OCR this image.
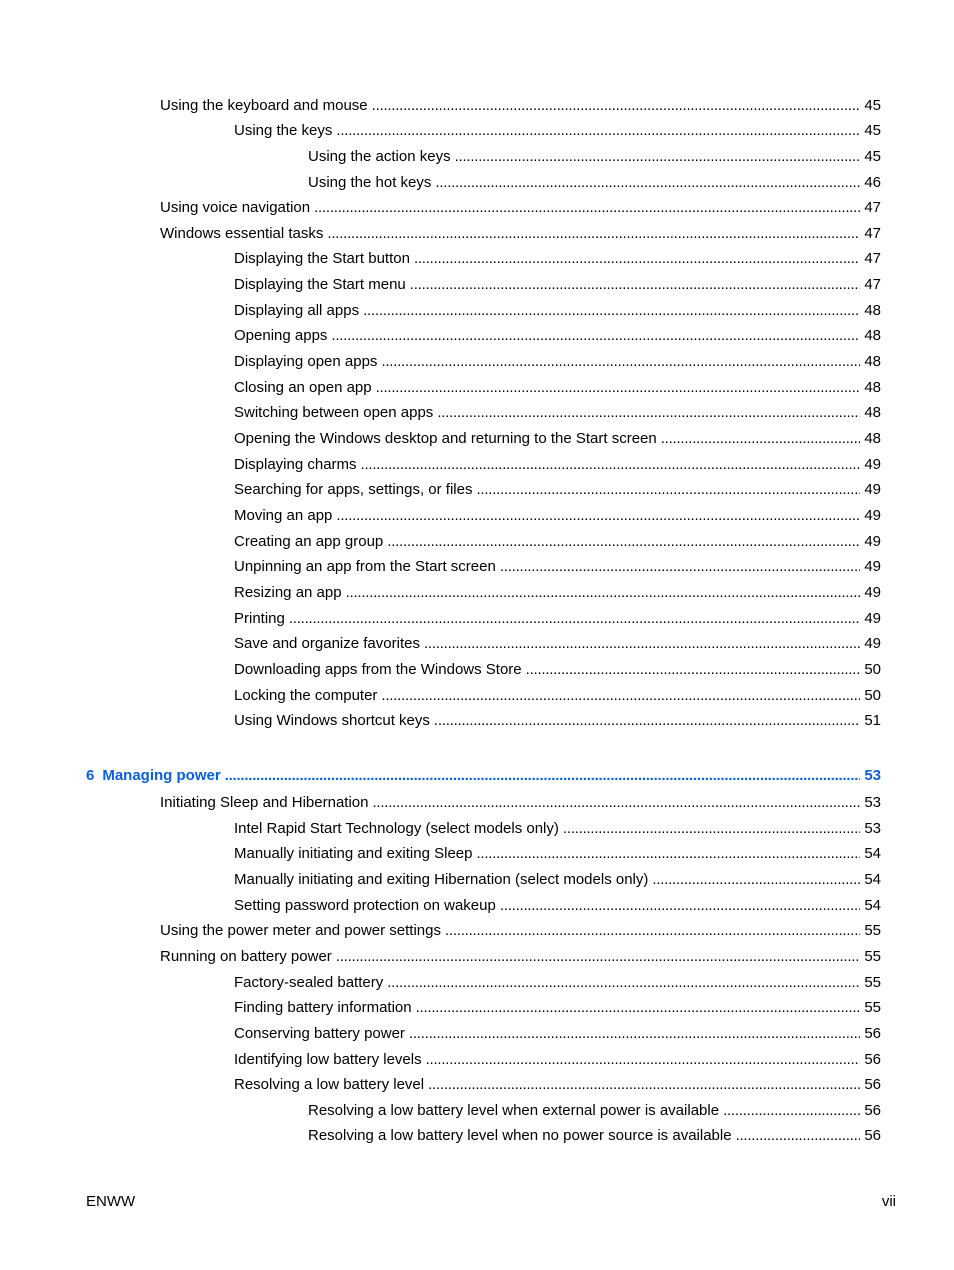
Using the keyboard and mouse . . .	45
Using the keys . . .	45
Using the action keys . . .	45
Using the hot keys . . .	46
Using voice navigation . . .	47
Windows essential tasks . . .	47
Displaying the Start button . . .	47
Displaying the Start menu . . .	47
Displaying all apps . . .	48
Opening apps . . .	48
Displaying open apps . . .	48
Closing an open app . . .	48
Switching between open apps . . .	48
Opening the Windows desktop and returning to the Start screen . . .	48
Displaying charms . . .	49
Searching for apps, settings, or files . . .	49
Moving an app . . .	49
Creating an app group . . .	49
Unpinning an app from the Start screen . . .	49
Resizing an app . . .	49
Printing . . .	49
Save and organize favorites . . .	49
Downloading apps from the Windows Store . . .	50
Locking the computer . . .	50
Using Windows shortcut keys . . .	51
6 Managing power . . .	53
Initiating Sleep and Hibernation . . .	53
Intel Rapid Start Technology (select models only) . . .	53
Manually initiating and exiting Sleep . . .	54
Manually initiating and exiting Hibernation (select models only) . . .	54
Setting password protection on wakeup . . .	54
Using the power meter and power settings . . .	55
Running on battery power . . .	55
Factory-sealed battery . . .	55
Finding battery information . . .	55
Conserving battery power . . .	56
Identifying low battery levels . . .	56
Resolving a low battery level . . .	56
Resolving a low battery level when external power is available . . .	56
Resolving a low battery level when no power source is available . . .	56
ENWW	vii
